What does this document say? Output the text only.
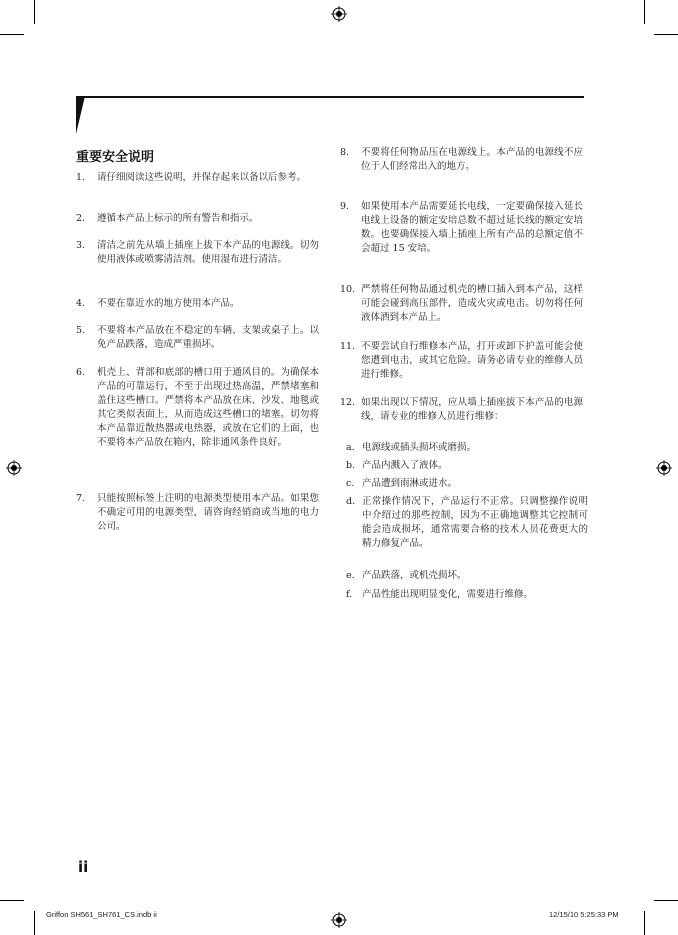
重要安全说明
1. 请仔细阅读这些说明，并保存起来以备以后参考。
2. 遵循本产品上标示的所有警告和指示。
3. 清洁之前先从墙上插座上拔下本产品的电源线。切勿使用液体或喷雾清洁剂。使用湿布进行清洁。
4. 不要在靠近水的地方使用本产品。
5. 不要将本产品放在不稳定的车辆、支架或桌子上。以免产品跌落，造成严重损坏。
6. 机壳上、背部和底部的槽口用于通风目的。为确保本产品的可靠运行，不至于出现过热高温，严禁堵塞和盖住这些槽口。严禁将本产品放在床、沙发、地毯或其它类似表面上，从而造成这些槽口的堵塞。切勿将本产品靠近散热器或电热器，或放在它们的上面，也不要将本产品放在箱内，除非通风条件良好。
7. 只能按照标签上注明的电源类型使用本产品。如果您不确定可用的电源类型，请咨询经销商或当地的电力公司。
8. 不要将任何物品压在电源线上。本产品的电源线不应位于人们经常出入的地方。
9. 如果使用本产品需要延长电线，一定要确保接入延长电线上设备的额定安培总数不超过延长线的额定安培数。也要确保接入墙上插座上所有产品的总额定值不会超过 15 安培。
10. 严禁将任何物品通过机壳的槽口插入到本产品，这样可能会碰到高压部件，造成火灾或电击。切勿将任何液体洒到本产品上。
11. 不要尝试自行维修本产品，打开或卸下护盖可能会使您遭到电击，或其它危险。请务必请专业的维修人员进行维修。
12. 如果出现以下情况，应从墙上插座拔下本产品的电源线，请专业的维修人员进行维修：
a. 电源线或插头损坏或磨损。
b. 产品内溅入了液体。
c. 产品遭到雨淋或进水。
d. 正常操作情况下，产品运行不正常。只调整操作说明中介绍过的那些控制，因为不正确地调整其它控制可能会造成损坏，通常需要合格的技术人员花费更大的精力修复产品。
e. 产品跌落，或机壳损坏。
f. 产品性能出现明显变化，需要进行维修。
ii
Griffon SH561_SH761_CS.indb ii	12/15/10 5:25:33 PM
